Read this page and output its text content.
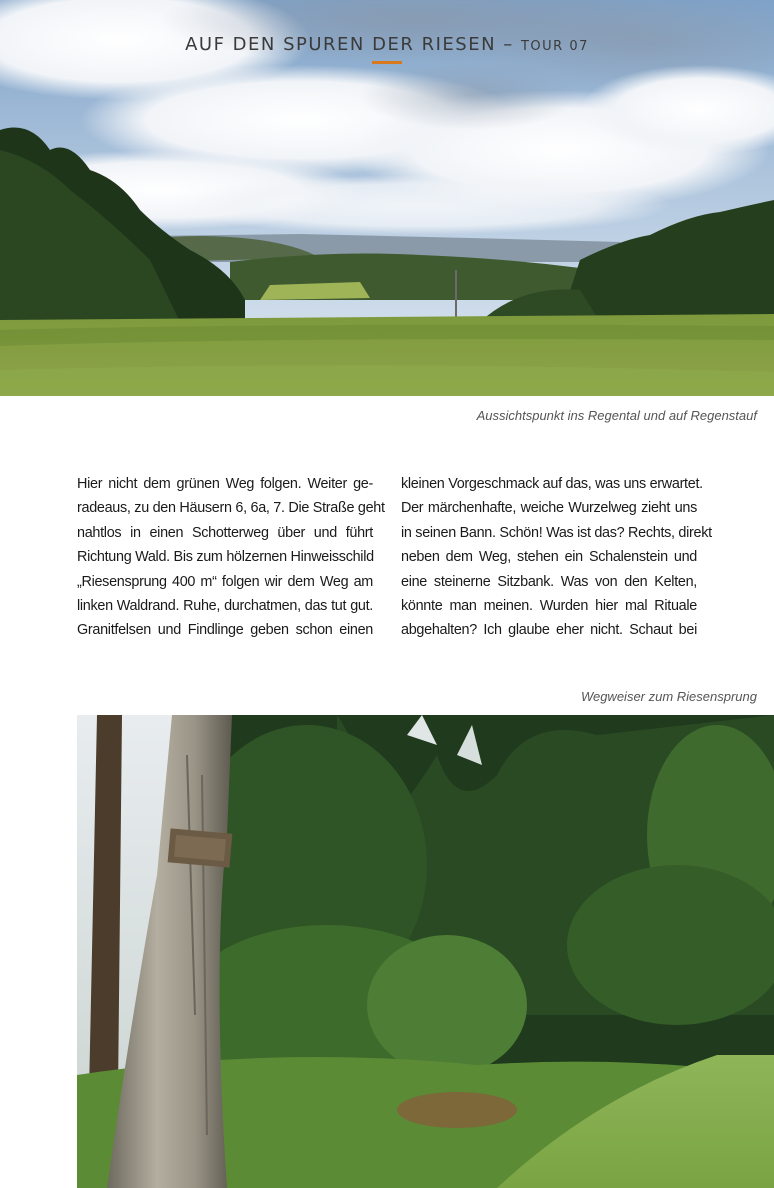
AUF DEN SPUREN DER RIESEN – TOUR 07
Aussichtspunkt ins Regental und auf Regenstauf
Hier nicht dem grünen Weg folgen. Weiter ge-
radeaus, zu den Häusern 6, 6a, 7. Die Straße geht
nahtlos in einen Schotterweg über und führt
Richtung Wald. Bis zum hölzernen Hinweisschild
„Riesensprung 400 m“ folgen wir dem Weg am
linken Waldrand. Ruhe, durchatmen, das tut gut.
Granitfelsen und Findlinge geben schon einen
kleinen Vorgeschmack auf das, was uns erwartet.
Der märchenhafte, weiche Wurzelweg zieht uns
in seinen Bann. Schön! Was ist das? Rechts, direkt
neben dem Weg, stehen ein Schalenstein und
eine steinerne Sitzbank. Was von den Kelten,
könnte man meinen. Wurden hier mal Rituale
abgehalten? Ich glaube eher nicht. Schaut bei
Wegweiser zum Riesensprung
